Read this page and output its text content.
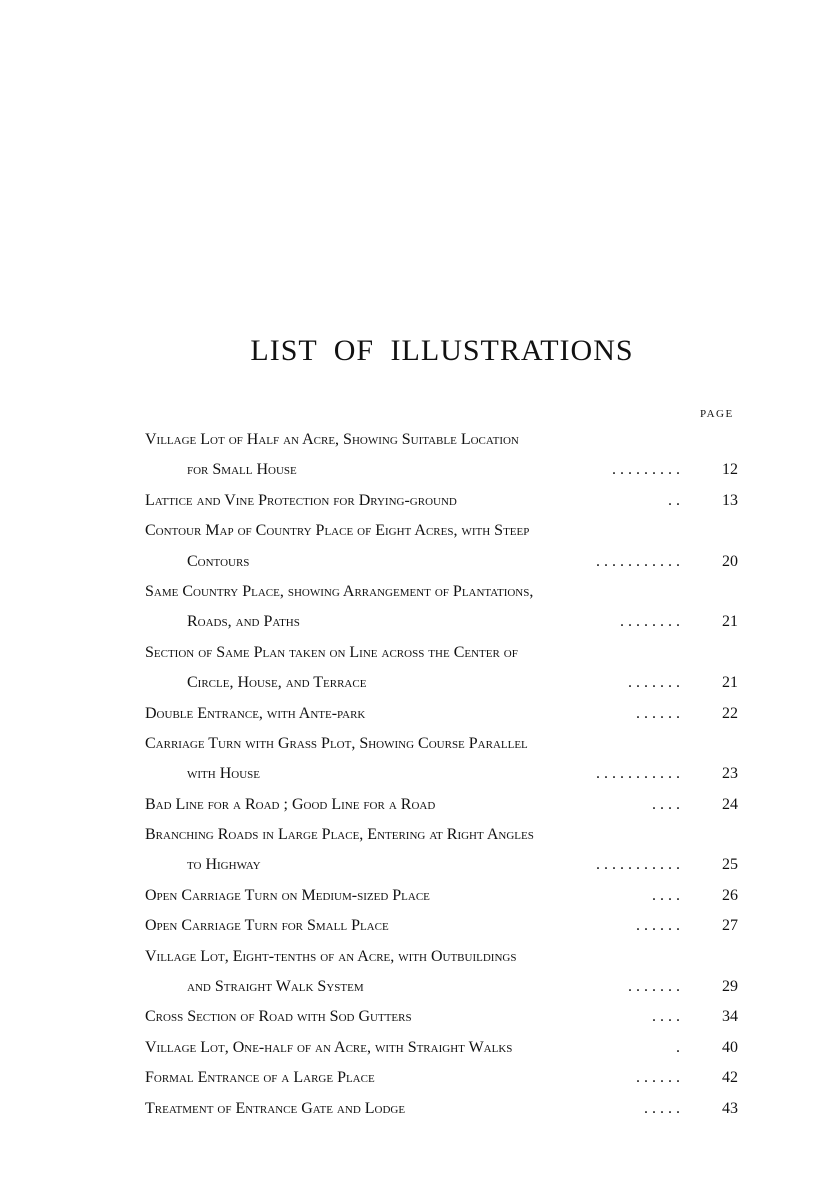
LIST OF ILLUSTRATIONS
PAGE
Village Lot of Half an Acre, Showing Suitable Location
for Small House	. . . . . . . . .	12
Lattice and Vine Protection for Drying-ground	. .	13
Contour Map of Country Place of Eight Acres, with Steep
Contours	. . . . . . . . . . .	20
Same Country Place, showing Arrangement of Plantations,
Roads, and Paths	. . . . . . . .	21
Section of Same Plan taken on Line across the Center of
Circle, House, and Terrace	. . . . . . .	21
Double Entrance, with Ante-park	. . . . . .	22
Carriage Turn with Grass Plot, Showing Course Parallel
with House	. . . . . . . . . . .	23
Bad Line for a Road ; Good Line for a Road	. . . .	24
Branching Roads in Large Place, Entering at Right Angles
to Highway	. . . . . . . . . . .	25
Open Carriage Turn on Medium-sized Place	. . . .	26
Open Carriage Turn for Small Place	. . . . . .	27
Village Lot, Eight-tenths of an Acre, with Outbuildings
and Straight Walk System	. . . . . . .	29
Cross Section of Road with Sod Gutters	. . . .	34
Village Lot, One-half of an Acre, with Straight Walks	.	40
Formal Entrance of a Large Place	. . . . . .	42
Treatment of Entrance Gate and Lodge	. . . . .	43
